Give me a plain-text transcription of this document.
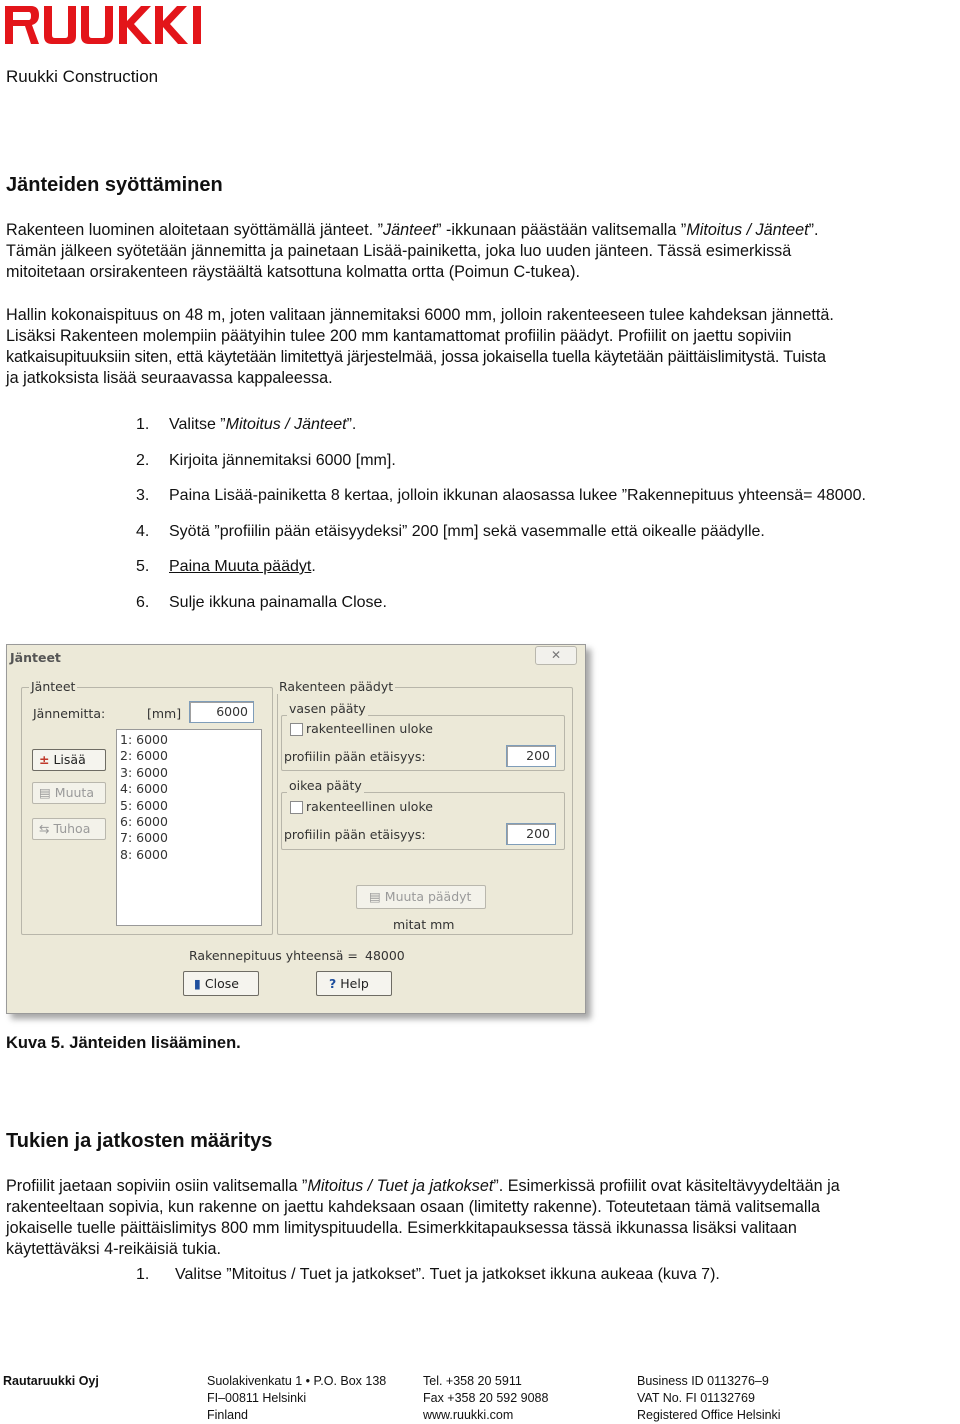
Ruukki Construction
Jänteiden syöttäminen
Rakenteen luominen aloitetaan syöttämällä jänteet. ”Jänteet” -ikkunaan päästään valitsemalla ”Mitoitus / Jänteet”.
Tämän jälkeen syötetään jännemitta ja painetaan Lisää-painiketta, joka luo uuden jänteen. Tässä esimerkissä
mitoitetaan orsirakenteen räystäältä katsottuna kolmatta ortta (Poimun C-tukea).
Hallin kokonaispituus on 48 m, joten valitaan jännemitaksi 6000 mm, jolloin rakenteeseen tulee kahdeksan jännettä.
Lisäksi Rakenteen molempiin päätyihin tulee 200 mm kantamattomat profiilin päädyt. Profiilit on jaettu sopiviin
katkaisupituuksiin siten, että käytetään limitettyä järjestelmää, jossa jokaisella tuella käytetään päittäislimitystä. Tuista
ja jatkoksista lisää seuraavassa kappaleessa.
1. Valitse ”Mitoitus / Jänteet”.
2. Kirjoita jännemitaksi 6000 [mm].
3. Paina Lisää-painiketta 8 kertaa, jolloin ikkunan alaosassa lukee ”Rakennepituus yhteensä= 48000.
4. Syötä ”profiilin pään etäisyydeksi” 200 [mm] sekä vasemmalle että oikealle päädylle.
5. Paina Muuta päädyt.
6. Sulje ikkuna painamalla Close.
Jänteet	✕
Jänteet
Jännemitta:	[mm]	6000
± Lisää
▤ Muuta
⇆ Tuhoa
1: 6000
2: 6000
3: 6000
4: 6000
5: 6000
6: 6000
7: 6000
8: 6000
Rakenteen päädyt
vasen pääty
rakenteellinen uloke
profiilin pään etäisyys:	200
oikea pääty
rakenteellinen uloke
profiilin pään etäisyys:	200
▤ Muuta päädyt
mitat mm
Rakennepituus yhteensä = 48000
▮ Close	? Help
Kuva 5. Jänteiden lisääminen.
Tukien ja jatkosten määritys
Profiilit jaetaan sopiviin osiin valitsemalla ”Mitoitus / Tuet ja jatkokset”. Esimerkissä profiilit ovat käsiteltävyydeltään ja
rakenteeltaan sopivia, kun rakenne on jaettu kahdeksaan osaan (limitetty rakenne). Toteutetaan tämä valitsemalla
jokaiselle tuelle päittäislimitys 800 mm limityspituudella. Esimerkkitapauksessa tässä ikkunassa lisäksi valitaan
käytettäväksi 4-reikäisiä tukia.
1. Valitse ”Mitoitus / Tuet ja jatkokset”. Tuet ja jatkokset ikkuna aukeaa (kuva 7).
Rautaruukki Oyj	Suolakivenkatu 1 • P.O. Box 138
FI–00811 Helsinki
Finland
Tel. +358 20 5911
Fax +358 20 592 9088
www.ruukki.com
Business ID 0113276–9
VAT No. FI 01132769
Registered Office Helsinki
